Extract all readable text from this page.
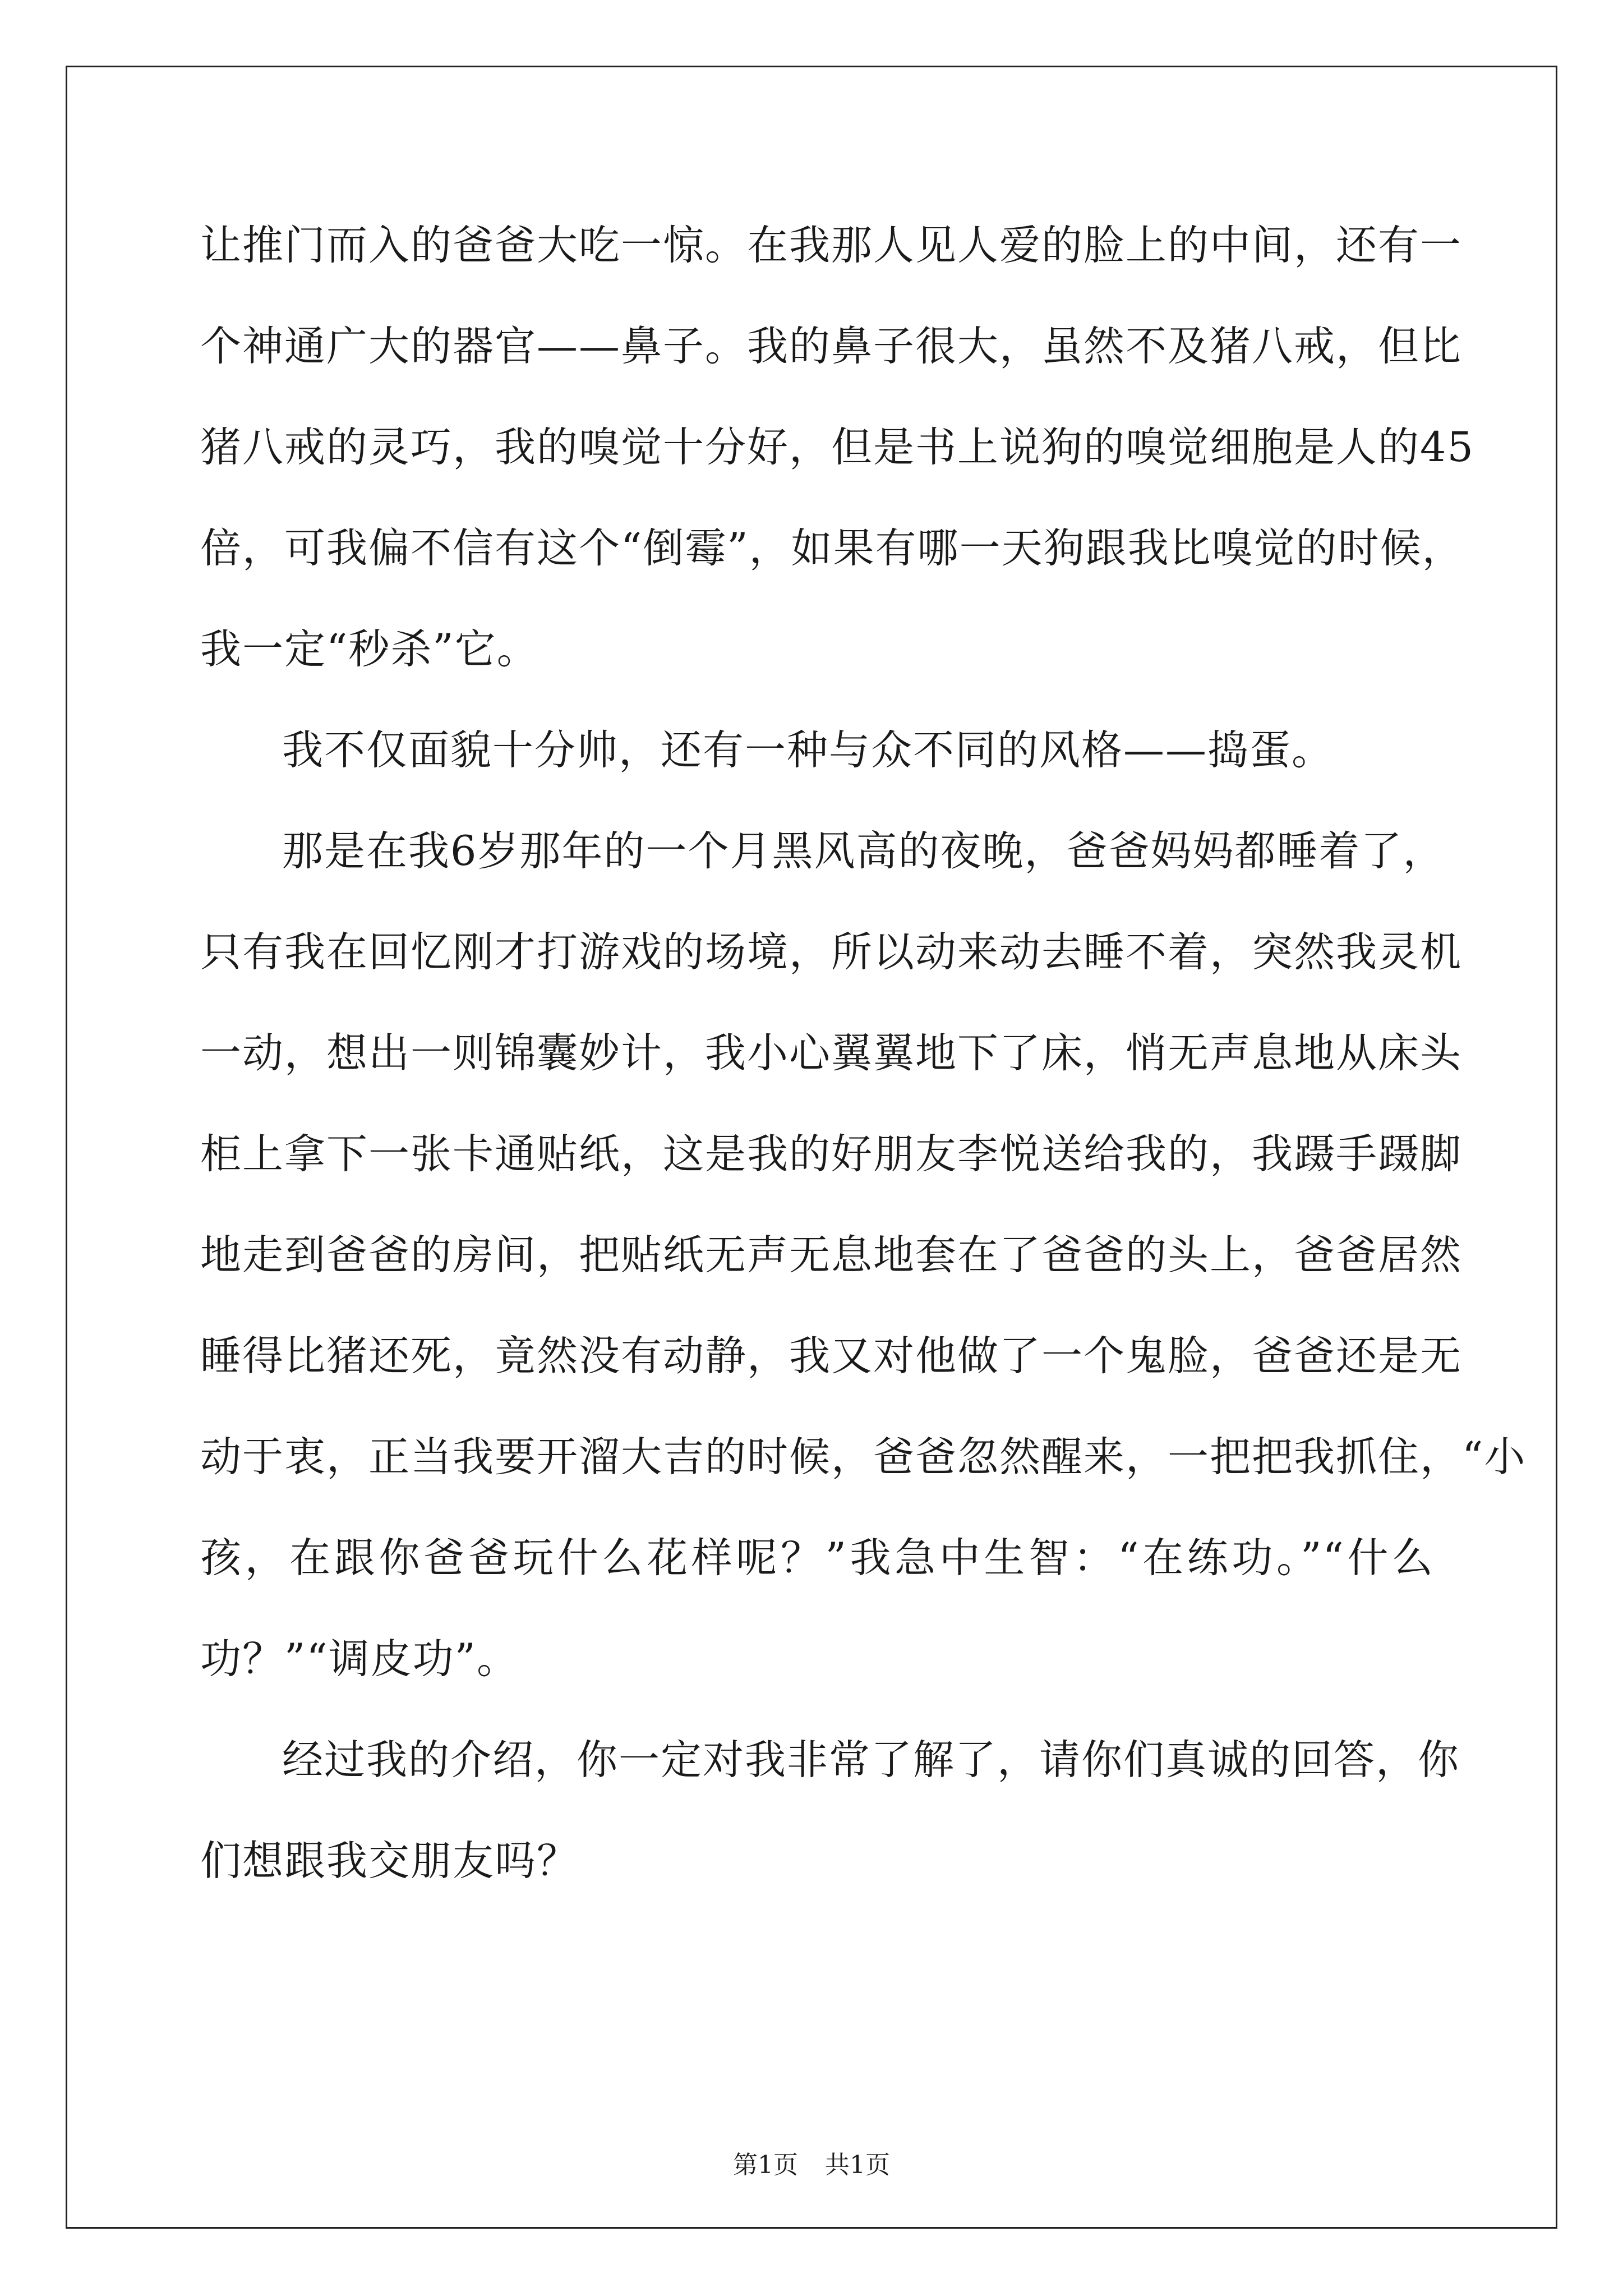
让推门而入的爸爸大吃一惊。在我那人见人爱的脸上的中间，还有一
个神通广大的器官——鼻子。我的鼻子很大，虽然不及猪八戒，但比
猪八戒的灵巧，我的嗅觉十分好，但是书上说狗的嗅觉细胞是人的45
倍，可我偏不信有这个“倒霉”，如果有哪一天狗跟我比嗅觉的时候，
我一定“秒杀”它。
我不仅面貌十分帅，还有一种与众不同的风格——捣蛋。
那是在我6岁那年的一个月黑风高的夜晚，爸爸妈妈都睡着了，
只有我在回忆刚才打游戏的场境，所以动来动去睡不着，突然我灵机
一动，想出一则锦囊妙计，我小心翼翼地下了床，悄无声息地从床头
柜上拿下一张卡通贴纸，这是我的好朋友李悦送给我的，我蹑手蹑脚
地走到爸爸的房间，把贴纸无声无息地套在了爸爸的头上，爸爸居然
睡得比猪还死，竟然没有动静，我又对他做了一个鬼脸，爸爸还是无
动于衷，正当我要开溜大吉的时候，爸爸忽然醒来，一把把我抓住，“小
孩，在跟你爸爸玩什么花样呢？”我急中生智：“在练功。”“什么
功？”“调皮功”。
经过我的介绍，你一定对我非常了解了，请你们真诚的回答，你
们想跟我交朋友吗？
第1页 共1页
